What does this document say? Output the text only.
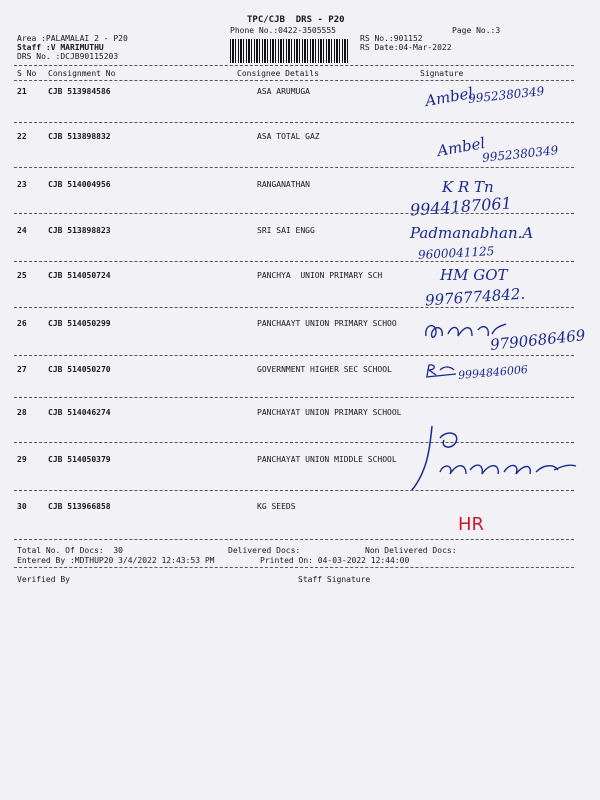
TPC/CJB  DRS - P20
Phone No.:0422-3505555	Page No.:3
Area :PALAMALAI 2 - P20
Staff :V MARIMUTHU
DRS No. :DCJB90115203
RS No.:901152
RS Date:04-Mar-2022
S No Consignment No	Consignee Details	Signature
21	CJB 513984586	ASA ARUMUGA	Ambel
9952380349
22	CJB 513898832	ASA TOTAL GAZ	Ambel
9952380349
23	CJB 514004956	RANGANATHAN	K R Tn
9944187061
24	CJB 513898823	SRI SAI ENGG	Padmanabhan.A
9600041125
25	CJB 514050724	PANCHYA  UNION PRIMARY SCH	HM GOT
9976774842.
26	CJB 514050299	PANCHAAYT UNION PRIMARY SCHOO
9790686469
27	CJB 514050270	GOVERNMENT HIGHER SEC SCHOOL	9994846006
28	CJB 514046274	PANCHAYAT UNION PRIMARY SCHOOL
29	CJB 514050379	PANCHAYAT UNION MIDDLE SCHOOL
30	CJB 513966858	KG SEEDS
HR
Total No. Of Docs:  30	Delivered Docs:	Non Delivered Docs:
Entered By :MDTHUP20 3/4/2022 12:43:53 PM	Printed On: 04-03-2022 12:44:00
Verified By	Staff Signature
